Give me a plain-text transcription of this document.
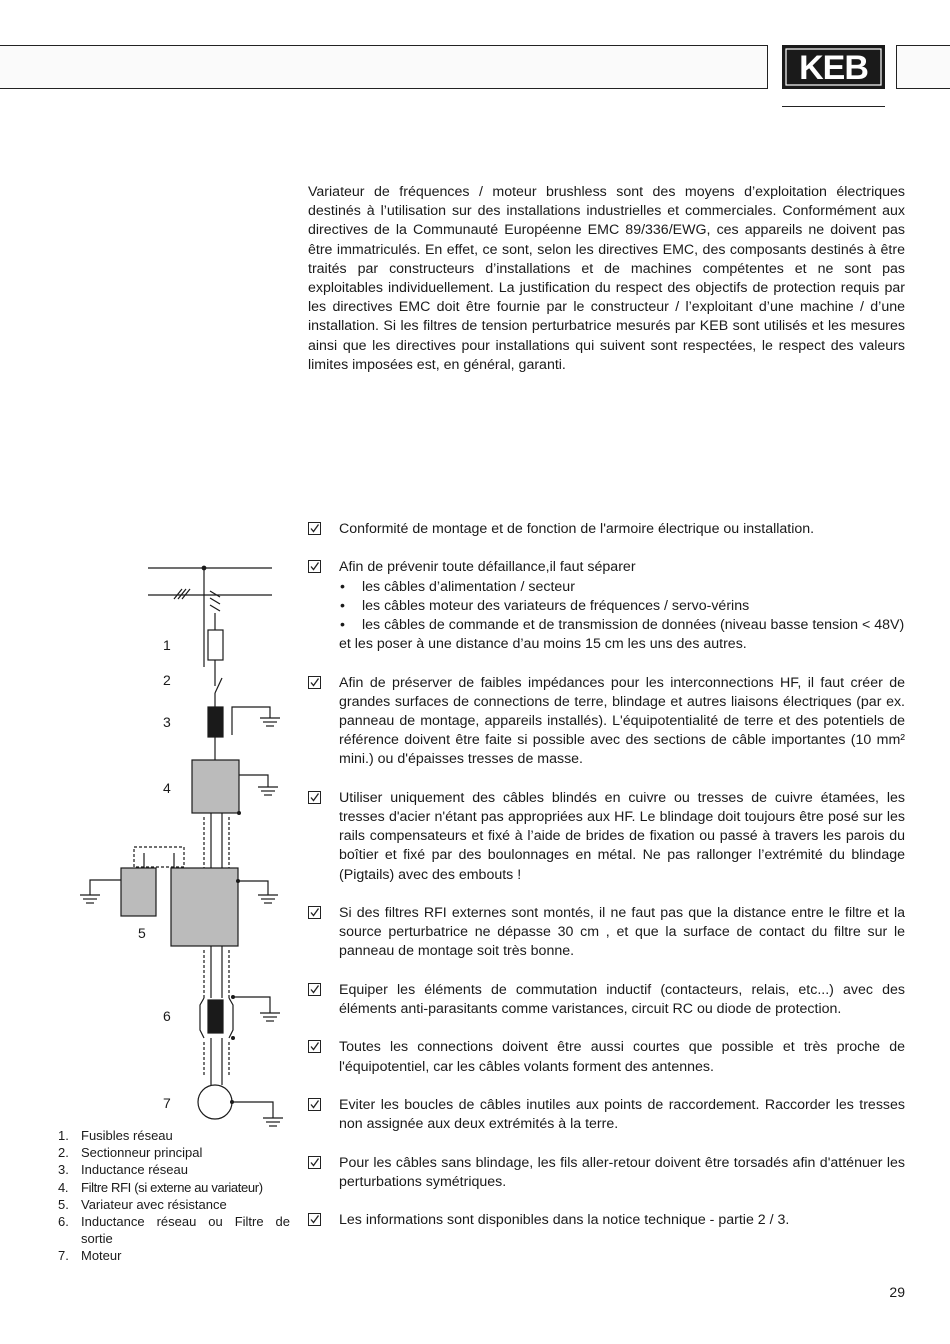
KEB

Variateur de fréquences / moteur brushless sont des moyens d’exploitation électriques destinés à l’utilisation sur des installations industrielles et commerciales. Conformément aux directives de la Communauté Européenne EMC 89/336/EWG, ces appareils ne doivent pas être immatriculés. En effet, ce sont, selon les directives EMC, des composants destinés à être traités par constructeurs d’installations et de machines compétentes et ne sont pas exploitables individuellement. La justification du respect des objectifs de protection requis par les directives EMC doit être fournie par le constructeur / l’exploitant d’une machine / d’une installation. Si les filtres de tension perturbatrice mesurés par KEB sont utilisés et les mesures ainsi que les directives pour installations qui suivent sont respectées, le respect des valeurs limites imposées est, en général, garanti.

Conformité de montage et de fonction de l'armoire électrique ou installation.
Afin de prévenir toute défaillance,il faut séparer
• les câbles d’alimentation / secteur
• les câbles moteur des variateurs de fréquences / servo-vérins
• les câbles de commande et de transmission de données (niveau basse tension < 48V)
et les poser à une distance d’au moins 15 cm les uns des autres.
Afin de préserver de faibles impédances pour les interconnections HF, il faut créer de grandes surfaces de connections de terre, blindage et autres liaisons électriques (par ex. panneau de montage, appareils installés). L'équipotentialité de terre et des potentiels de référence doivent être faite si possible avec des sections de câble importantes (10 mm² mini.) ou d'épaisses tresses de masse.
Utiliser uniquement des câbles blindés en cuivre ou tresses de cuivre étamées, les tresses d'acier n'étant pas appropriées aux HF. Le blindage doit toujours être posé sur les rails compensateurs et fixé à l’aide de brides de fixation ou passé à travers les parois du boîtier et fixé par des boulonnages en métal. Ne pas rallonger l’extrémité du blindage (Pigtails) avec des embouts !
Si des filtres RFI externes sont montés, il ne faut pas que la distance entre le filtre et la source perturbatrice ne dépasse 30 cm , et que la surface de contact du filtre sur le panneau de montage soit très bonne.
Equiper les éléments de commutation inductif (contacteurs, relais, etc...) avec des éléments anti-parasitants comme varistances, circuit RC ou diode de protection.
Toutes les connections doivent être aussi courtes que possible et très proche de l'équipotentiel, car les câbles volants forment des antennes.
Eviter les boucles de câbles inutiles aux points de raccordement. Raccorder les tresses non assignée aux deux extrémités à la terre.
Pour les câbles sans blindage, les fils aller-retour doivent être torsadés afin d'atténuer les perturbations symétriques.
Les informations sont disponibles dans la notice technique - partie 2 / 3.
1
2
3
4
5
6
7
1. Fusibles réseau
2. Sectionneur principal
3. Inductance réseau
4. Filtre RFI (si externe au variateur)
5. Variateur avec résistance
6. Inductance réseau ou Filtre de sortie
7. Moteur
29
